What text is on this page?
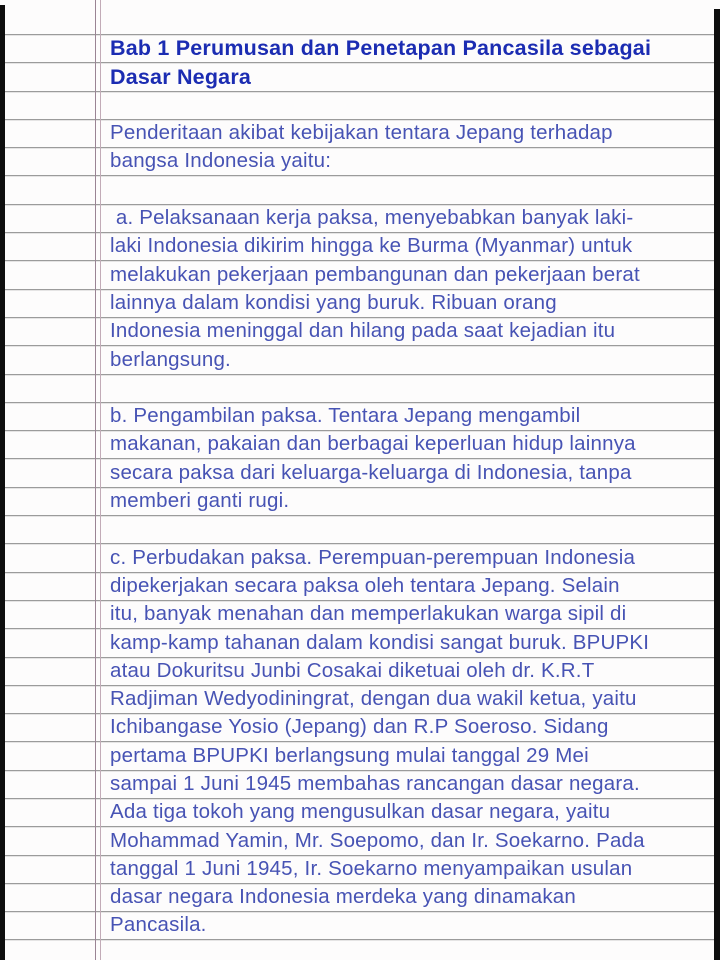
Bab 1 Perumusan dan Penetapan Pancasila sebagai
Dasar Negara
Penderitaan akibat kebijakan tentara Jepang terhadap
bangsa Indonesia yaitu:
a. Pelaksanaan kerja paksa, menyebabkan banyak laki-
laki Indonesia dikirim hingga ke Burma (Myanmar) untuk
melakukan pekerjaan pembangunan dan pekerjaan berat
lainnya dalam kondisi yang buruk. Ribuan orang
Indonesia meninggal dan hilang pada saat kejadian itu
berlangsung.
b. Pengambilan paksa. Tentara Jepang mengambil
makanan, pakaian dan berbagai keperluan hidup lainnya
secara paksa dari keluarga-keluarga di Indonesia, tanpa
memberi ganti rugi.
c. Perbudakan paksa. Perempuan-perempuan Indonesia
dipekerjakan secara paksa oleh tentara Jepang. Selain
itu, banyak menahan dan memperlakukan warga sipil di
kamp-kamp tahanan dalam kondisi sangat buruk. BPUPKI
atau Dokuritsu Junbi Cosakai diketuai oleh dr. K.R.T
Radjiman Wedyodiningrat, dengan dua wakil ketua, yaitu
Ichibangase Yosio (Jepang) dan R.P Soeroso. Sidang
pertama BPUPKI berlangsung mulai tanggal 29 Mei
sampai 1 Juni 1945 membahas rancangan dasar negara.
Ada tiga tokoh yang mengusulkan dasar negara, yaitu
Mohammad Yamin, Mr. Soepomo, dan Ir. Soekarno. Pada
tanggal 1 Juni 1945, Ir. Soekarno menyampaikan usulan
dasar negara Indonesia merdeka yang dinamakan
Pancasila.
